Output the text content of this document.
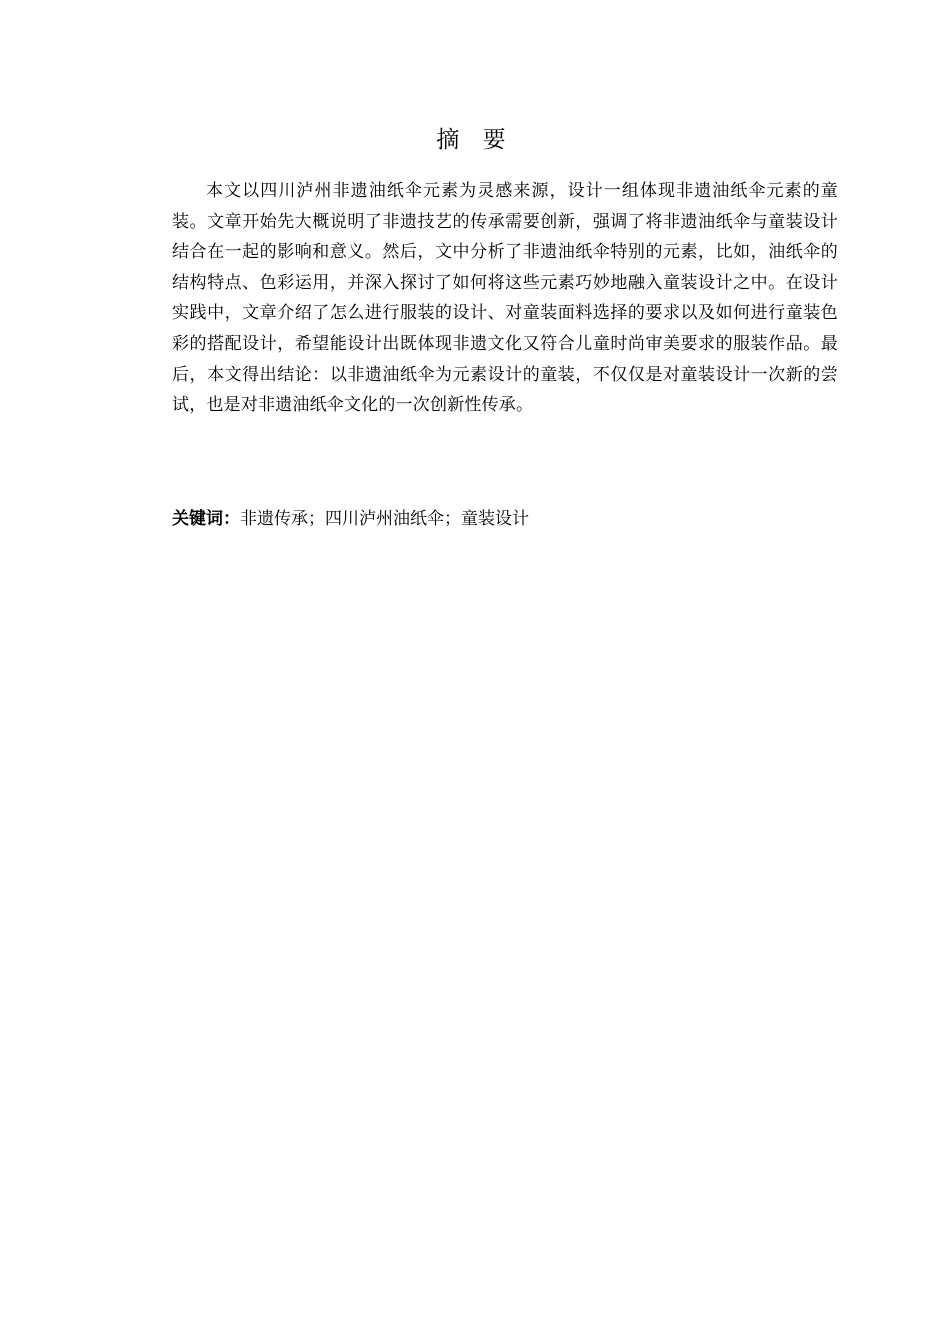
摘 要

本文以四川泸州非遗油纸伞元素为灵感来源，设计一组体现非遗油纸伞元素的童装。文章开始先大概说明了非遗技艺的传承需要创新，强调了将非遗油纸伞与童装设计结合在一起的影响和意义。然后，文中分析了非遗油纸伞特别的元素，比如，油纸伞的结构特点、色彩运用，并深入探讨了如何将这些元素巧妙地融入童装设计之中。在设计实践中，文章介绍了怎么进行服装的设计、对童装面料选择的要求以及如何进行童装色彩的搭配设计，希望能设计出既体现非遗文化又符合儿童时尚审美要求的服装作品。最后，本文得出结论：以非遗油纸伞为元素设计的童装，不仅仅是对童装设计一次新的尝试，也是对非遗油纸伞文化的一次创新性传承。

关键词：非遗传承；四川泸州油纸伞；童装设计
